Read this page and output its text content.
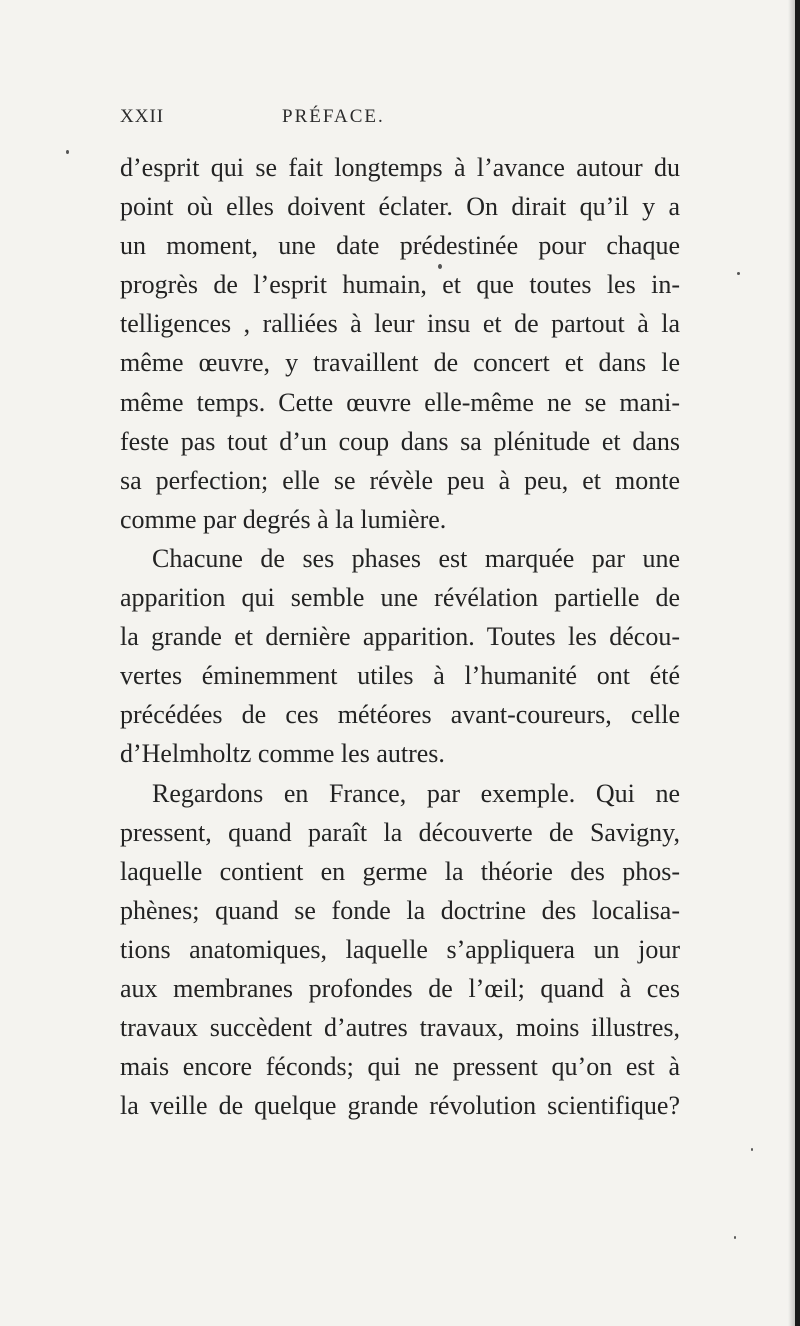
XXII	PRÉFACE.
d’esprit qui se fait longtemps à l’avance autour du
point où elles doivent éclater. On dirait qu’il y a
un moment, une date prédestinée pour chaque
progrès de l’esprit humain, et que toutes les in-
telligences , ralliées à leur insu et de partout à la
même œuvre, y travaillent de concert et dans le
même temps. Cette œuvre elle-même ne se mani-
feste pas tout d’un coup dans sa plénitude et dans
sa perfection; elle se révèle peu à peu, et monte
comme par degrés à la lumière.
Chacune de ses phases est marquée par une
apparition qui semble une révélation partielle de
la grande et dernière apparition. Toutes les décou-
vertes éminemment utiles à l’humanité ont été
précédées de ces météores avant-coureurs, celle
d’Helmholtz comme les autres.
Regardons en France, par exemple. Qui ne
pressent, quand paraît la découverte de Savigny,
laquelle contient en germe la théorie des phos-
phènes; quand se fonde la doctrine des localisa-
tions anatomiques, laquelle s’appliquera un jour
aux membranes profondes de l’œil; quand à ces
travaux succèdent d’autres travaux, moins illustres,
mais encore féconds; qui ne pressent qu’on est à
la veille de quelque grande révolution scientifique?
